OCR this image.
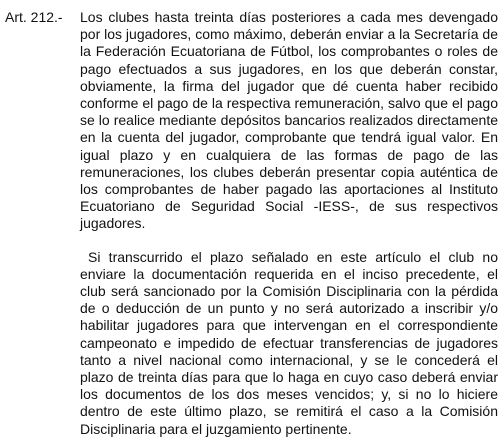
Art. 212.- Los clubes hasta treinta días posteriores a cada mes devengado por los jugadores, como máximo, deberán enviar a la Secretaría de la Federación Ecuatoriana de Fútbol, los comprobantes o roles de pago efectuados a sus jugadores, en los que deberán constar, obviamente, la firma del jugador que dé cuenta haber recibido conforme el pago de la respectiva remuneración, salvo que el pago se lo realice mediante depósitos bancarios realizados directamente en la cuenta del jugador, comprobante que tendrá igual valor. En igual plazo y en cualquiera de las formas de pago de las remuneraciones, los clubes deberán presentar copia auténtica de los comprobantes de haber pagado las aportaciones al Instituto Ecuatoriano de Seguridad Social -IESS-, de sus respectivos jugadores.

Si transcurrido el plazo señalado en este artículo el club no enviare la documentación requerida en el inciso precedente, el club será sancionado por la Comisión Disciplinaria con la pérdida de o deducción de un punto y no será autorizado a inscribir y/o habilitar jugadores para que intervengan en el correspondiente campeonato e impedido de efectuar transferencias de jugadores tanto a nivel nacional como internacional, y se le concederá el plazo de treinta días para que lo haga en cuyo caso deberá enviar los documentos de los dos meses vencidos; y, si no lo hiciere dentro de este último plazo, se remitirá el caso a la Comisión Disciplinaria para el juzgamiento pertinente.
